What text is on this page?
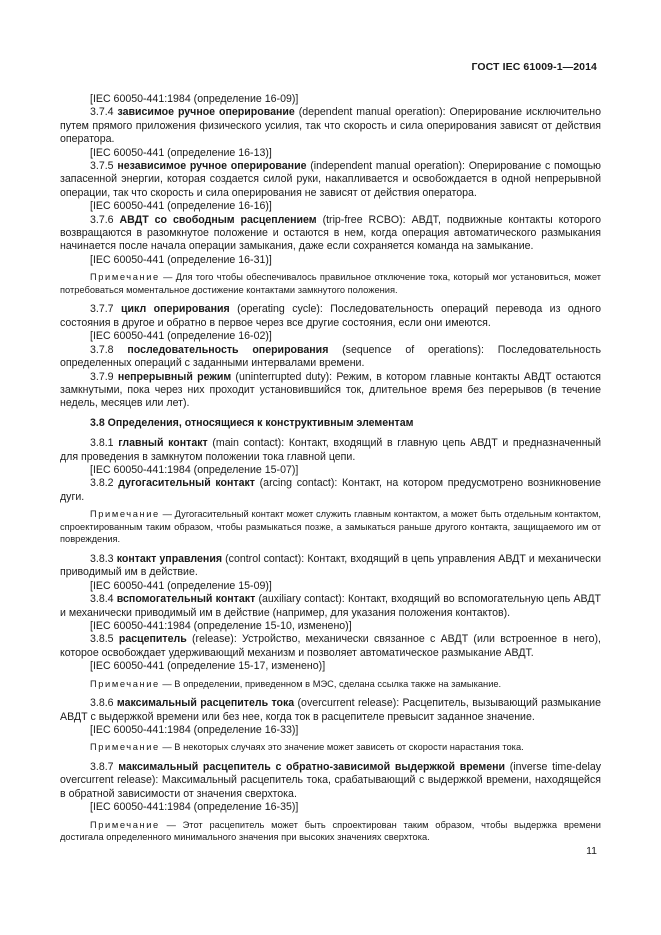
ГОСТ IEC 61009-1—2014

[IEC 60050-441:1984 (определение 16-09)]

3.7.4 зависимое ручное оперирование (dependent manual operation): Оперирование исключительно путем прямого приложения физического усилия, так что скорость и сила оперирования зависят от действия оператора.

[IEC 60050-441 (определение 16-13)]

3.7.5 независимое ручное оперирование (independent manual operation): Оперирование с помощью запасенной энергии, которая создается силой руки, накапливается и освобождается в одной непрерывной операции, так что скорость и сила оперирования не зависят от действия оператора.

[IEC 60050-441 (определение 16-16)]

3.7.6 АВДТ со свободным расцеплением (trip-free RCBO): АВДТ, подвижные контакты которого возвращаются в разомкнутое положение и остаются в нем, когда операция автоматического размыкания начинается после начала операции замыкания, даже если сохраняется команда на замыкание.

[IEC 60050-441 (определение 16-31)]

Примечание — Для того чтобы обеспечивалось правильное отключение тока, который мог установиться, может потребоваться моментальное достижение контактами замкнутого положения.

3.7.7 цикл оперирования (operating cycle): Последовательность операций перевода из одного состояния в другое и обратно в первое через все другие состояния, если они имеются.

[IEC 60050-441 (определение 16-02)]

3.7.8 последовательность оперирования (sequence of operations): Последовательность определенных операций с заданными интервалами времени.

3.7.9 непрерывный режим (uninterrupted duty): Режим, в котором главные контакты АВДТ остаются замкнутыми, пока через них проходит установившийся ток, длительное время без перерывов (в течение недель, месяцев или лет).

3.8 Определения, относящиеся к конструктивным элементам

3.8.1 главный контакт (main contact): Контакт, входящий в главную цепь АВДТ и предназначенный для проведения в замкнутом положении тока главной цепи.

[IEC 60050-441:1984 (определение 15-07)]

3.8.2 дугогасительный контакт (arcing contact): Контакт, на котором предусмотрено возникновение дуги.

Примечание — Дугогасительный контакт может служить главным контактом, а может быть отдельным контактом, спроектированным таким образом, чтобы размыкаться позже, а замыкаться раньше другого контакта, защищаемого им от повреждения.

3.8.3 контакт управления (control contact): Контакт, входящий в цепь управления АВДТ и механически приводимый им в действие.

[IEC 60050-441 (определение 15-09)]

3.8.4 вспомогательный контакт (auxiliary contact): Контакт, входящий во вспомогательную цепь АВДТ и механически приводимый им в действие (например, для указания положения контактов).

[IEC 60050-441:1984 (определение 15-10, изменено)]

3.8.5 расцепитель (release): Устройство, механически связанное с АВДТ (или встроенное в него), которое освобождает удерживающий механизм и позволяет автоматическое размыкание АВДТ.

[IEC 60050-441 (определение 15-17, изменено)]

Примечание — В определении, приведенном в МЭС, сделана ссылка также на замыкание.

3.8.6 максимальный расцепитель тока (overcurrent release): Расцепитель, вызывающий размыкание АВДТ с выдержкой времени или без нее, когда ток в расцепителе превысит заданное значение.

[IEC 60050-441:1984 (определение 16-33)]

Примечание — В некоторых случаях это значение может зависеть от скорости нарастания тока.

3.8.7 максимальный расцепитель с обратно-зависимой выдержкой времени (inverse time-delay overcurrent release): Максимальный расцепитель тока, срабатывающий с выдержкой времени, находящейся в обратной зависимости от значения сверхтока.

[IEC 60050-441:1984 (определение 16-35)]

Примечание — Этот расцепитель может быть спроектирован таким образом, чтобы выдержка времени достигала определенного минимального значения при высоких значениях сверхтока.

11
